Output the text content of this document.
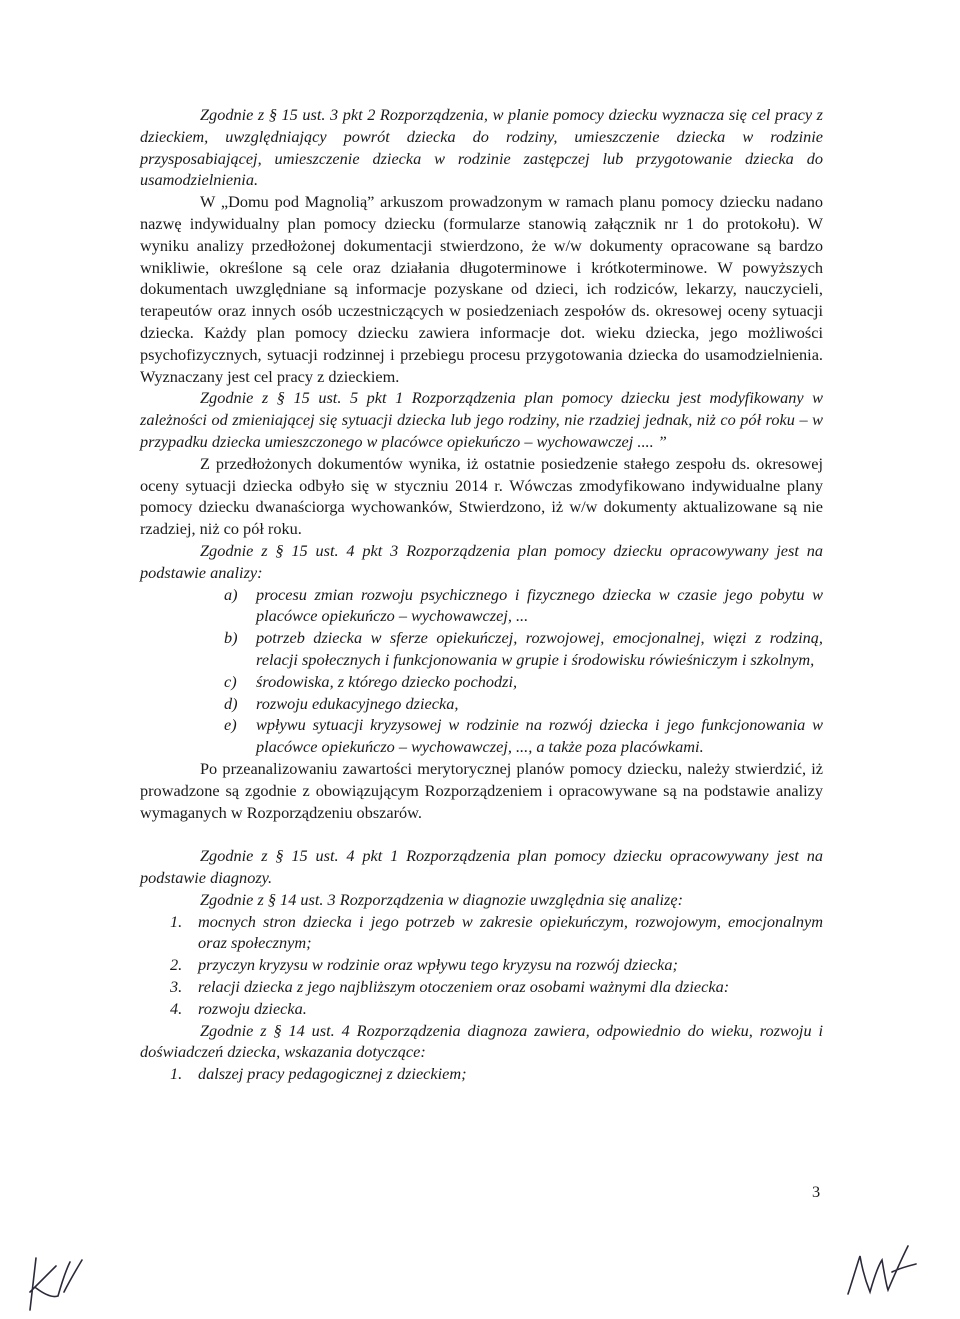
Zgodnie z § 15 ust. 3 pkt 2 Rozporządzenia, w planie pomocy dziecku wyznacza się cel pracy z dzieckiem, uwzględniający powrót dziecka do rodziny, umieszczenie dziecka w rodzinie przysposabiającej, umieszczenie dziecka w rodzinie zastępczej lub przygotowanie dziecka do usamodzielnienia.

W „Domu pod Magnolią” arkuszom prowadzonym w ramach planu pomocy dziecku nadano nazwę indywidualny plan pomocy dziecku (formularze stanowią załącznik nr 1 do protokołu). W wyniku analizy przedłożonej dokumentacji stwierdzono, że w/w dokumenty opracowane są bardzo wnikliwie, określone są cele oraz działania długoterminowe i krótkoterminowe. W powyższych dokumentach uwzględniane są informacje pozyskane od dzieci, ich rodziców, lekarzy, nauczycieli, terapeutów oraz innych osób uczestniczących w posiedzeniach zespołów ds. okresowej oceny sytuacji dziecka. Każdy plan pomocy dziecku zawiera informacje dot. wieku dziecka, jego możliwości psychofizycznych, sytuacji rodzinnej i przebiegu procesu przygotowania dziecka do usamodzielnienia. Wyznaczany jest cel pracy z dzieckiem.

Zgodnie z § 15 ust. 5 pkt 1 Rozporządzenia plan pomocy dziecku jest modyfikowany w zależności od zmieniającej się sytuacji dziecka lub jego rodziny, nie rzadziej jednak, niż co pół roku – w przypadku dziecka umieszczonego w placówce opiekuńczo – wychowawczej .... ”

Z przedłożonych dokumentów wynika, iż ostatnie posiedzenie stałego zespołu ds. okresowej oceny sytuacji dziecka odbyło się w styczniu 2014 r. Wówczas zmodyfikowano indywidualne plany pomocy dziecku dwanaściorga wychowanków, Stwierdzono, iż w/w dokumenty aktualizowane są nie rzadziej, niż co pół roku.

Zgodnie z § 15 ust. 4 pkt 3 Rozporządzenia plan pomocy dziecku opracowywany jest na podstawie analizy:

a) procesu zmian rozwoju psychicznego i fizycznego dziecka w czasie jego pobytu w placówce opiekuńczo – wychowawczej, ...
b) potrzeb dziecka w sferze opiekuńczej, rozwojowej, emocjonalnej, więzi z rodziną, relacji społecznych i funkcjonowania w grupie i środowisku rówieśniczym i szkolnym,
c) środowiska, z którego dziecko pochodzi,
d) rozwoju edukacyjnego dziecka,
e) wpływu sytuacji kryzysowej w rodzinie na rozwój dziecka i jego funkcjonowania w placówce opiekuńczo – wychowawczej, ..., a także poza placówkami.

Po przeanalizowaniu zawartości merytorycznej planów pomocy dziecku, należy stwierdzić, iż prowadzone są zgodnie z obowiązującym Rozporządzeniem i opracowywane są na podstawie analizy wymaganych w Rozporządzeniu obszarów.

Zgodnie z § 15 ust. 4 pkt 1 Rozporządzenia plan pomocy dziecku opracowywany jest na podstawie diagnozy.

Zgodnie z § 14 ust. 3 Rozporządzenia w diagnozie uwzględnia się analizę:

1. mocnych stron dziecka i jego potrzeb w zakresie opiekuńczym, rozwojowym, emocjonalnym oraz społecznym;
2. przyczyn kryzysu w rodzinie oraz wpływu tego kryzysu na rozwój dziecka;
3. relacji dziecka z jego najbliższym otoczeniem oraz osobami ważnymi dla dziecka:
4. rozwoju dziecka.

Zgodnie z § 14 ust. 4 Rozporządzenia diagnoza zawiera, odpowiednio do wieku, rozwoju i doświadczeń dziecka, wskazania dotyczące:

1. dalszej pracy pedagogicznej z dzieckiem;
3
